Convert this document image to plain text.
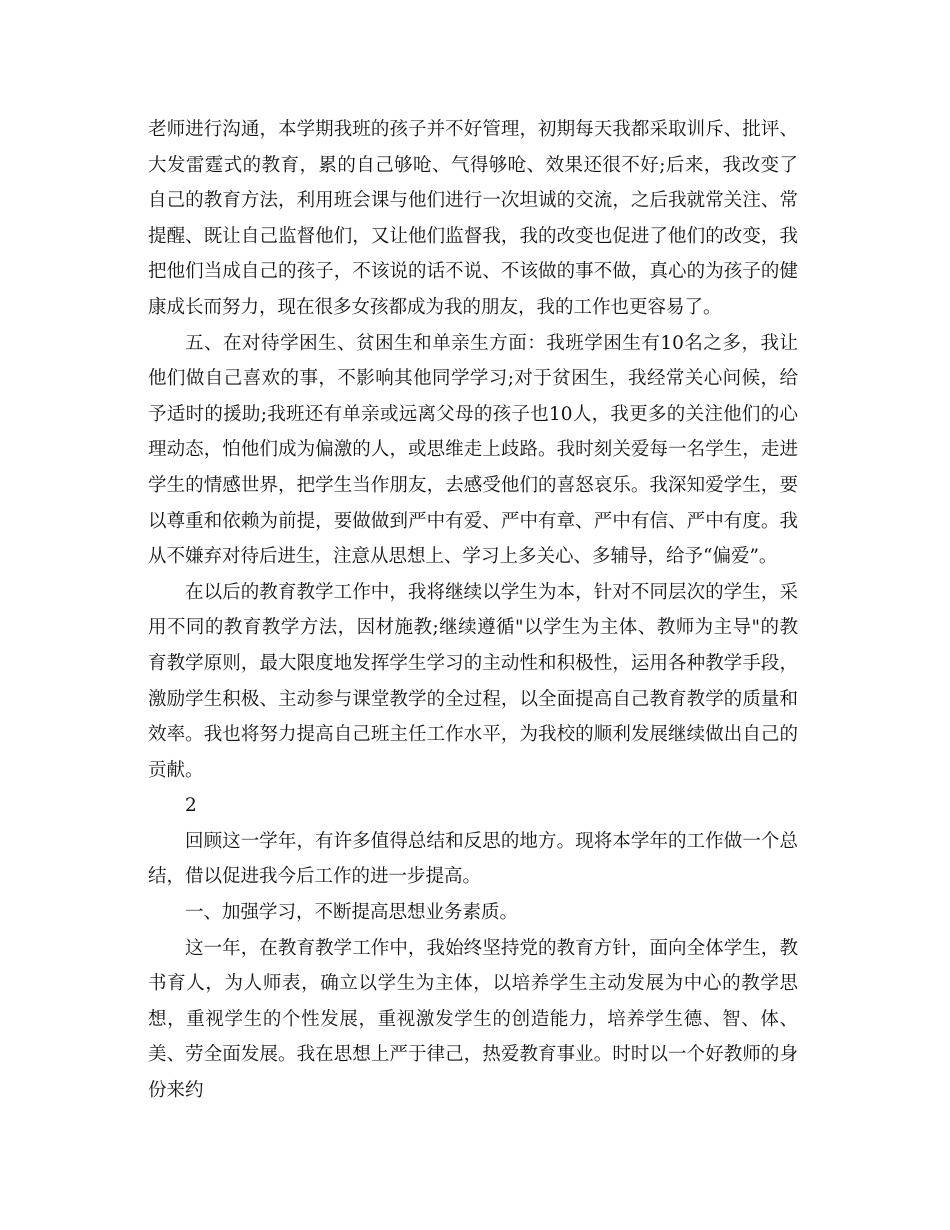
老师进行沟通，本学期我班的孩子并不好管理，初期每天我都采取训斥、批评、大发雷霆式的教育，累的自己够呛、气得够呛、效果还很不好;后来，我改变了自己的教育方法，利用班会课与他们进行一次坦诚的交流，之后我就常关注、常提醒、既让自己监督他们，又让他们监督我，我的改变也促进了他们的改变，我把他们当成自己的孩子，不该说的话不说、不该做的事不做，真心的为孩子的健康成长而努力，现在很多女孩都成为我的朋友，我的工作也更容易了。

五、在对待学困生、贫困生和单亲生方面：我班学困生有10名之多，我让他们做自己喜欢的事，不影响其他同学学习;对于贫困生，我经常关心问候，给予适时的援助;我班还有单亲或远离父母的孩子也10人，我更多的关注他们的心理动态，怕他们成为偏激的人，或思维走上歧路。我时刻关爱每一名学生，走进学生的情感世界，把学生当作朋友，去感受他们的喜怒哀乐。我深知爱学生，要以尊重和依赖为前提，要做做到严中有爱、严中有章、严中有信、严中有度。我从不嫌弃对待后进生，注意从思想上、学习上多关心、多辅导，给予“偏爱”。

在以后的教育教学工作中，我将继续以学生为本，针对不同层次的学生，采用不同的教育教学方法，因材施教;继续遵循"以学生为主体、教师为主导"的教育教学原则，最大限度地发挥学生学习的主动性和积极性，运用各种教学手段，激励学生积极、主动参与课堂教学的全过程，以全面提高自己教育教学的质量和效率。我也将努力提高自己班主任工作水平，为我校的顺利发展继续做出自己的贡献。

2

回顾这一学年，有许多值得总结和反思的地方。现将本学年的工作做一个总结，借以促进我今后工作的进一步提高。

一、加强学习，不断提高思想业务素质。

这一年，在教育教学工作中，我始终坚持党的教育方针，面向全体学生，教书育人，为人师表，确立以学生为主体，以培养学生主动发展为中心的教学思想，重视学生的个性发展，重视激发学生的创造能力，培养学生德、智、体、美、劳全面发展。我在思想上严于律己，热爱教育事业。时时以一个好教师的身份来约
